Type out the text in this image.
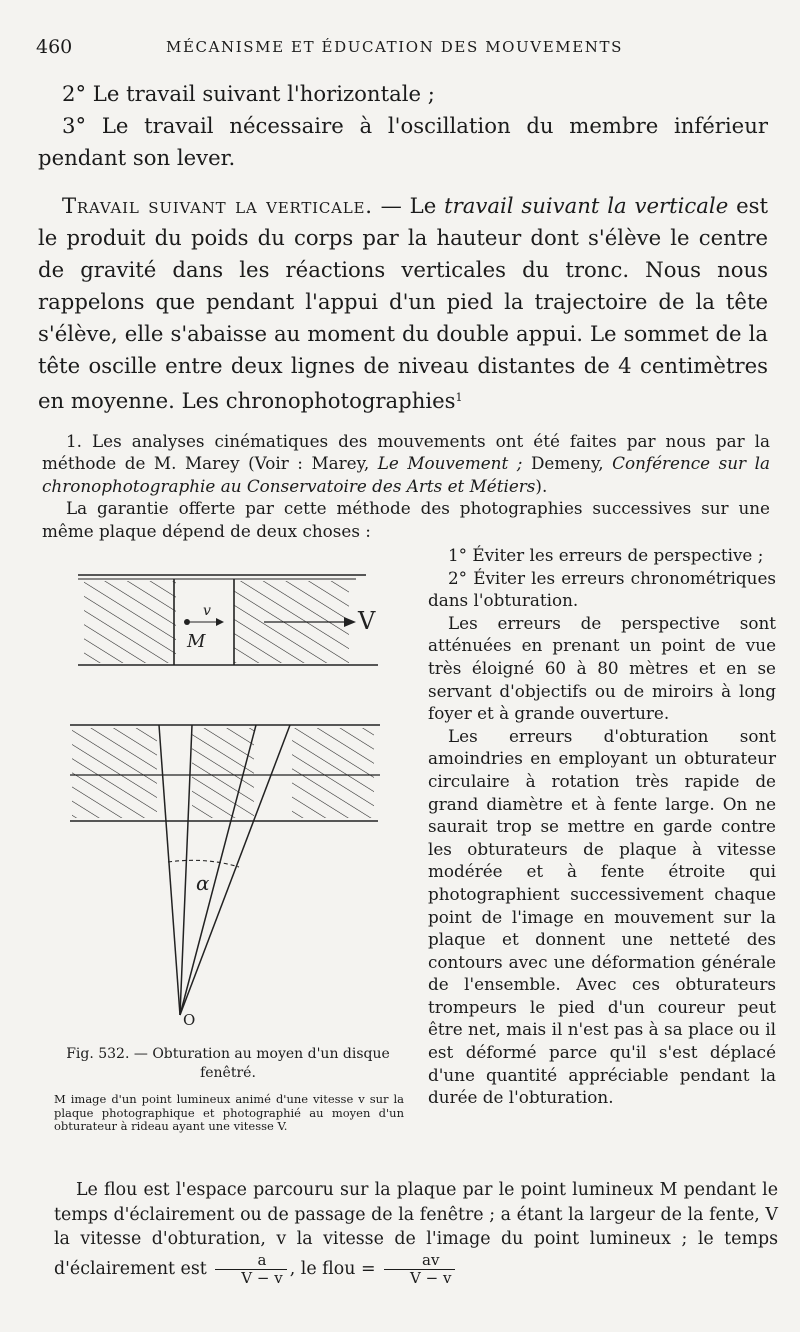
460	MÉCANISME ET ÉDUCATION DES MOUVEMENTS

2° Le travail suivant l'horizontale ;

3° Le travail nécessaire à l'oscillation du membre inférieur pendant son lever.

Travail suivant la verticale. — Le travail suivant la verticale est le produit du poids du corps par la hauteur dont s'élève le centre de gravité dans les réactions verticales du tronc. Nous nous rappelons que pendant l'appui d'un pied la trajectoire de la tête s'élève, elle s'abaisse au moment du double appui. Le sommet de la tête oscille entre deux lignes de niveau distantes de 4 centimètres en moyenne. Les chronophotographies$^1$

1. Les analyses cinématiques des mouvements ont été faites par nous par la méthode de M. Marey (Voir : Marey, Le Mouvement ; Demeny, Conférence sur la chronophotographie au Conservatoire des Arts et Métiers).

La garantie offerte par cette méthode des photographies successives sur une même plaque dépend de deux choses :

1° Éviter les erreurs de perspective ;

2° Éviter les erreurs chronométriques dans l'obturation.

Les erreurs de perspective sont atténuées en prenant un point de vue très éloigné 60 à 80 mètres et en se servant d'objectifs ou de miroirs à long foyer et à grande ouverture.

Les erreurs d'obturation sont amoindries en employant un obturateur circulaire à rotation très rapide de grand diamètre et à fente large. On ne saurait trop se mettre en garde contre les obturateurs de plaque à vitesse modérée et à fente étroite qui photographient successivement chaque point de l'image en mouvement sur la plaque et donnent une netteté des contours avec une déformation générale de l'ensemble. Avec ces obturateurs trompeurs le pied d'un coureur peut être net, mais il n'est pas à sa place ou il est déformé parce qu'il s'est déplacé d'une quantité appréciable pendant la durée de l'obturation.

v
M
V
α
O
Fig. 532. — Obturation au moyen d'un disque fenêtré.
M image d'un point lumineux animé d'une vitesse v sur la plaque photographique et photographié au moyen d'un obturateur à rideau ayant une vitesse V.

Le flou est l'espace parcouru sur la plaque par le point lumineux M pendant le temps d'éclairement ou de passage de la fenêtre ; a étant la largeur de la fente, V la vitesse d'obturation, v la vitesse de l'image du point lumineux ; le temps d'éclairement est $\frac{a}{V - v}$ , le flou = $\frac{av}{V - v}$
